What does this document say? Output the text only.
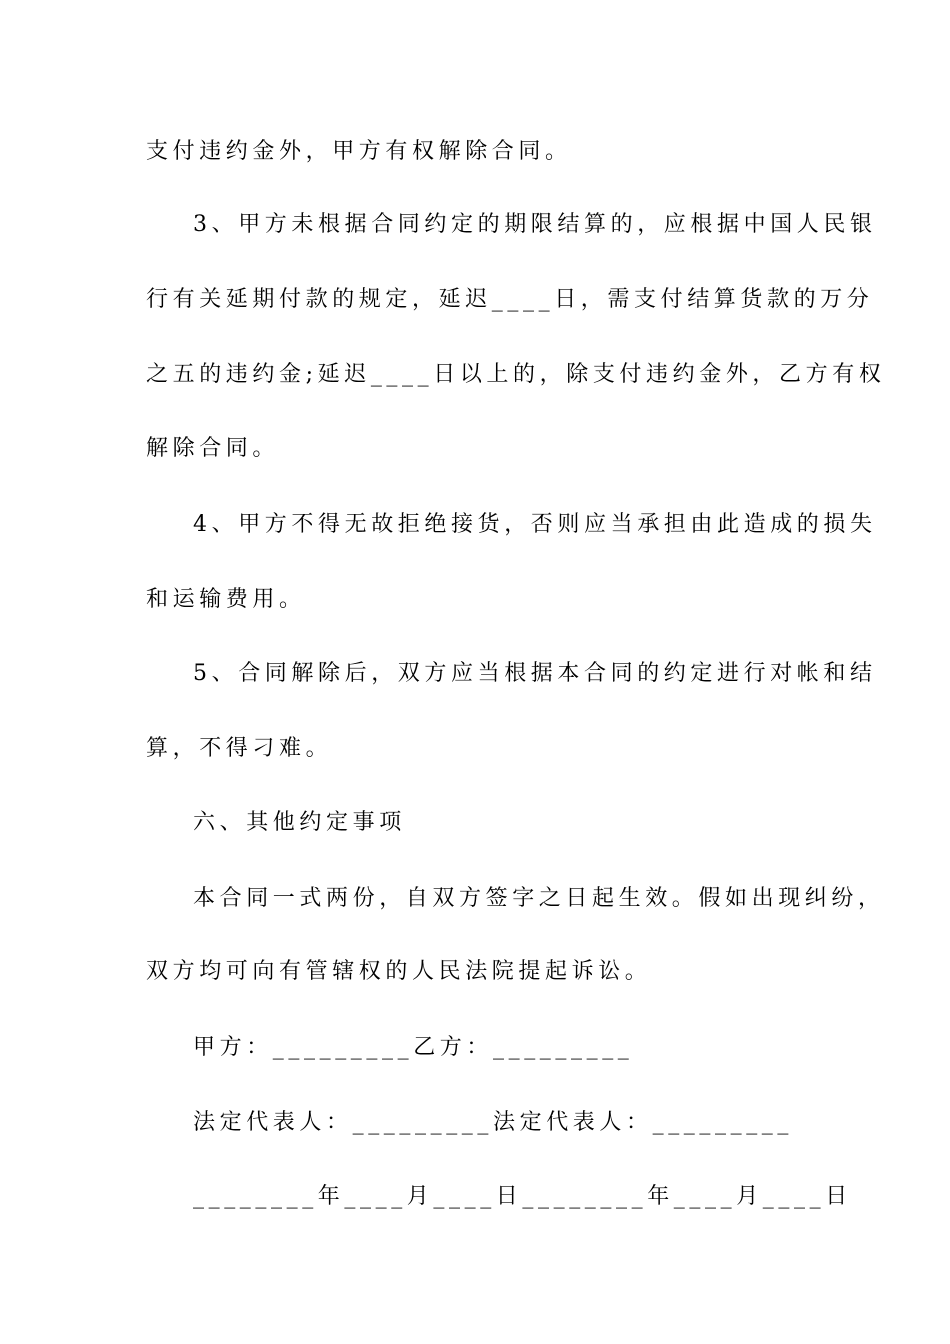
支付违约金外，甲方有权解除合同。
3、甲方未根据合同约定的期限结算的，应根据中国人民银
行有关延期付款的规定，延迟____日，需支付结算货款的万分
之五的违约金;延迟____日以上的，除支付违约金外，乙方有权
解除合同。
4、甲方不得无故拒绝接货，否则应当承担由此造成的损失
和运输费用。
5、合同解除后，双方应当根据本合同的约定进行对帐和结
算，不得刁难。
六、其他约定事项
本合同一式两份，自双方签字之日起生效。假如出现纠纷，
双方均可向有管辖权的人民法院提起诉讼。
甲方：_________乙方：_________
法定代表人：_________法定代表人：_________
________年____月____日________年____月____日
